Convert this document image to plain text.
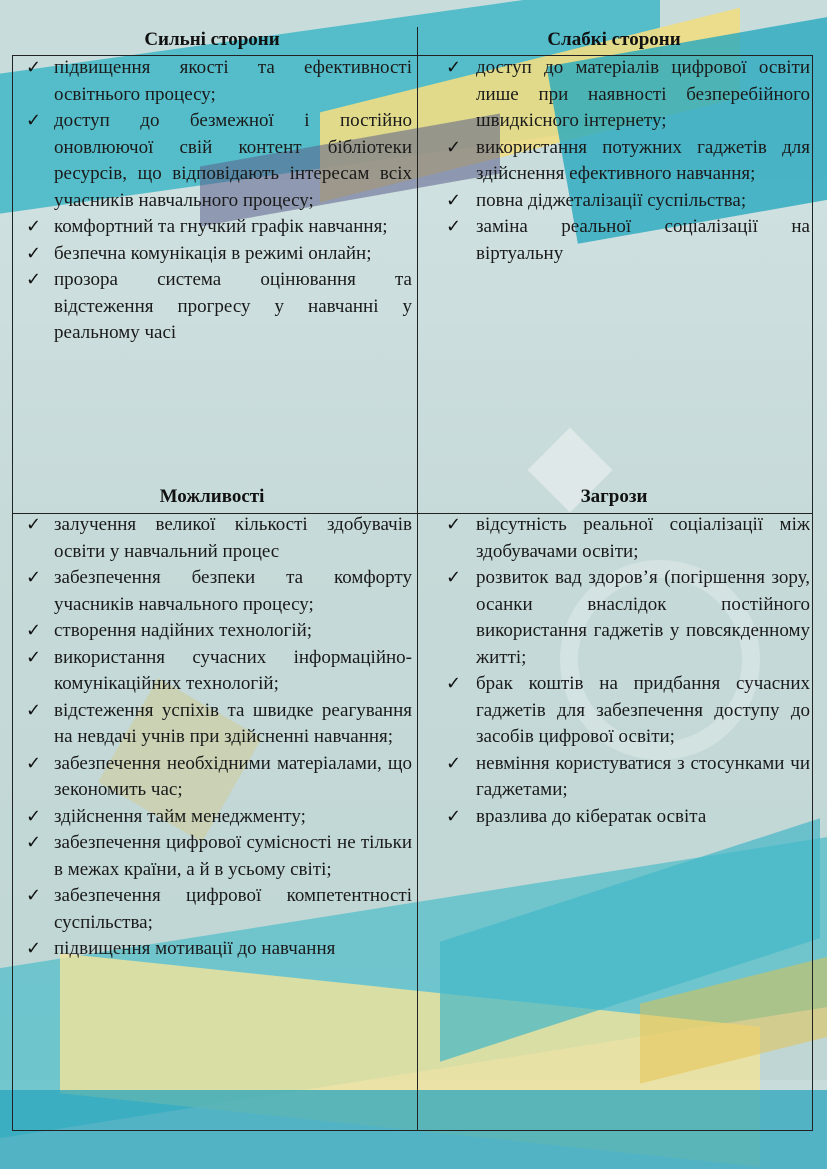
Сильні сторони
✓ підвищення якості та ефективності освітнього процесу;
✓ доступ до безмежної і постійно оновлюючої свій контент бібліотеки ресурсів, що відповідають інтересам всіх учасників навчального процесу;
✓ комфортний та гнучкий графік навчання;
✓ безпечна комунікація в режимі онлайн;
✓ прозора система оцінювання та відстеження прогресу у навчанні у реальному часі
Слабкі сторони
✓ доступ до матеріалів цифрової освіти лише при наявності безперебійного швидкісного інтернету;
✓ використання потужних гаджетів для здійснення ефективного навчання;
✓ повна діджеталізації суспільства;
✓ заміна реальної соціалізації на віртуальну
Можливості
✓ залучення великої кількості здобувачів освіти у навчальний процес
✓ забезпечення безпеки та комфорту учасників навчального процесу;
✓ створення надійних технологій;
✓ використання сучасних інформаційно-комунікаційних технологій;
✓ відстеження успіхів та швидке реагування на невдачі учнів при здійсненні навчання;
✓ забезпечення необхідними матеріалами, що зекономить час;
✓ здійснення тайм менеджменту;
✓ забезпечення цифрової сумісності не тільки в межах країни, а й в усьому світі;
✓ забезпечення цифрової компетентності суспільства;
✓ підвищення мотивації до навчання
Загрози
✓ відсутність реальної соціалізації між здобувачами освіти;
✓ розвиток вад здоров’я (погіршення зору, осанки внаслідок постійного використання гаджетів у повсякденному житті;
✓ брак коштів на придбання сучасних гаджетів для забезпечення доступу до засобів цифрової освіти;
✓ невміння користуватися з стосунками чи гаджетами;
✓ вразлива до кібератак освіта
